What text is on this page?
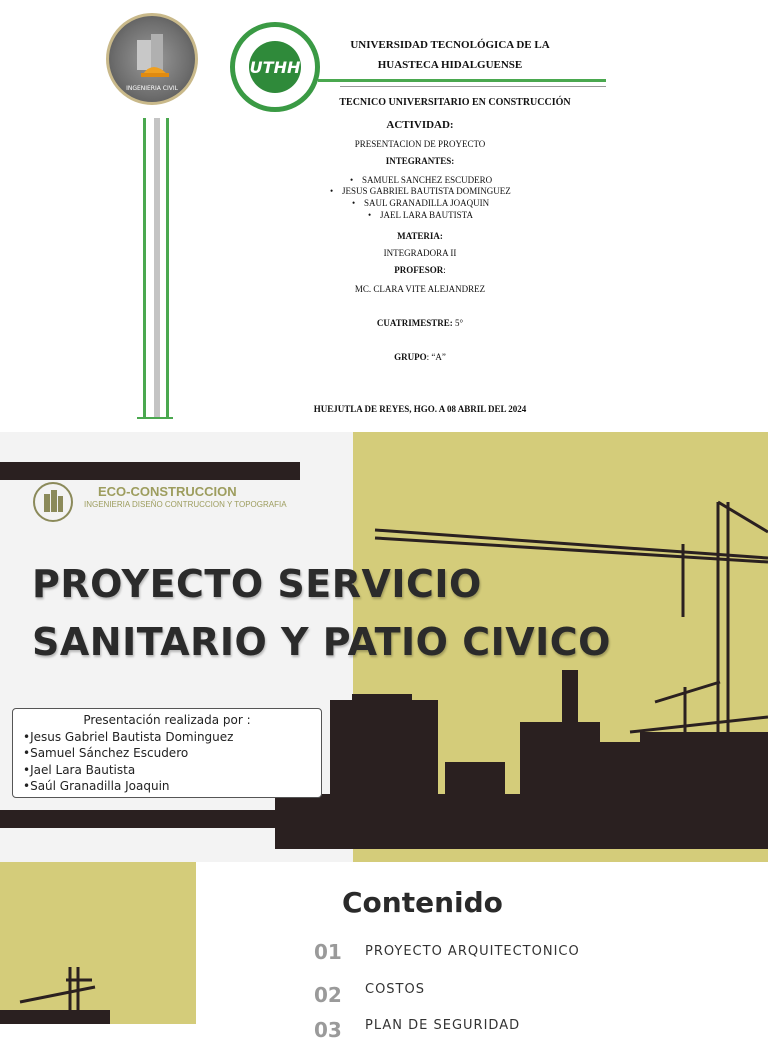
INGENIERIA CIVIL
UTHH
UNIVERSIDAD TECNOLÓGICA DE LA
HUASTECA HIDALGUENSE
TECNICO UNIVERSITARIO EN CONSTRUCCIÓN
ACTIVIDAD:
PRESENTACION DE PROYECTO
INTEGRANTES:
• SAMUEL SANCHEZ ESCUDERO
• JESUS GABRIEL BAUTISTA DOMINGUEZ
• SAUL GRANADILLA JOAQUIN
• JAEL LARA BAUTISTA
MATERIA:
INTEGRADORA II
PROFESOR:
MC. CLARA VITE ALEJANDREZ
CUATRIMESTRE: 5°
GRUPO: “A”
HUEJUTLA DE REYES, HGO. A 08 ABRIL DEL 2024
ECO-CONSTRUCCION
INGENIERIA DISEÑO CONTRUCCION Y TOPOGRAFIA
PROYECTO SERVICIO
SANITARIO Y PATIO CIVICO
Presentación realizada por :
• Jesus Gabriel Bautista Dominguez
• Samuel Sánchez Escudero
• Jael Lara Bautista
• Saúl Granadilla Joaquin
Contenido
01 PROYECTO ARQUITECTONICO
02 COSTOS
03 PLAN DE SEGURIDAD
